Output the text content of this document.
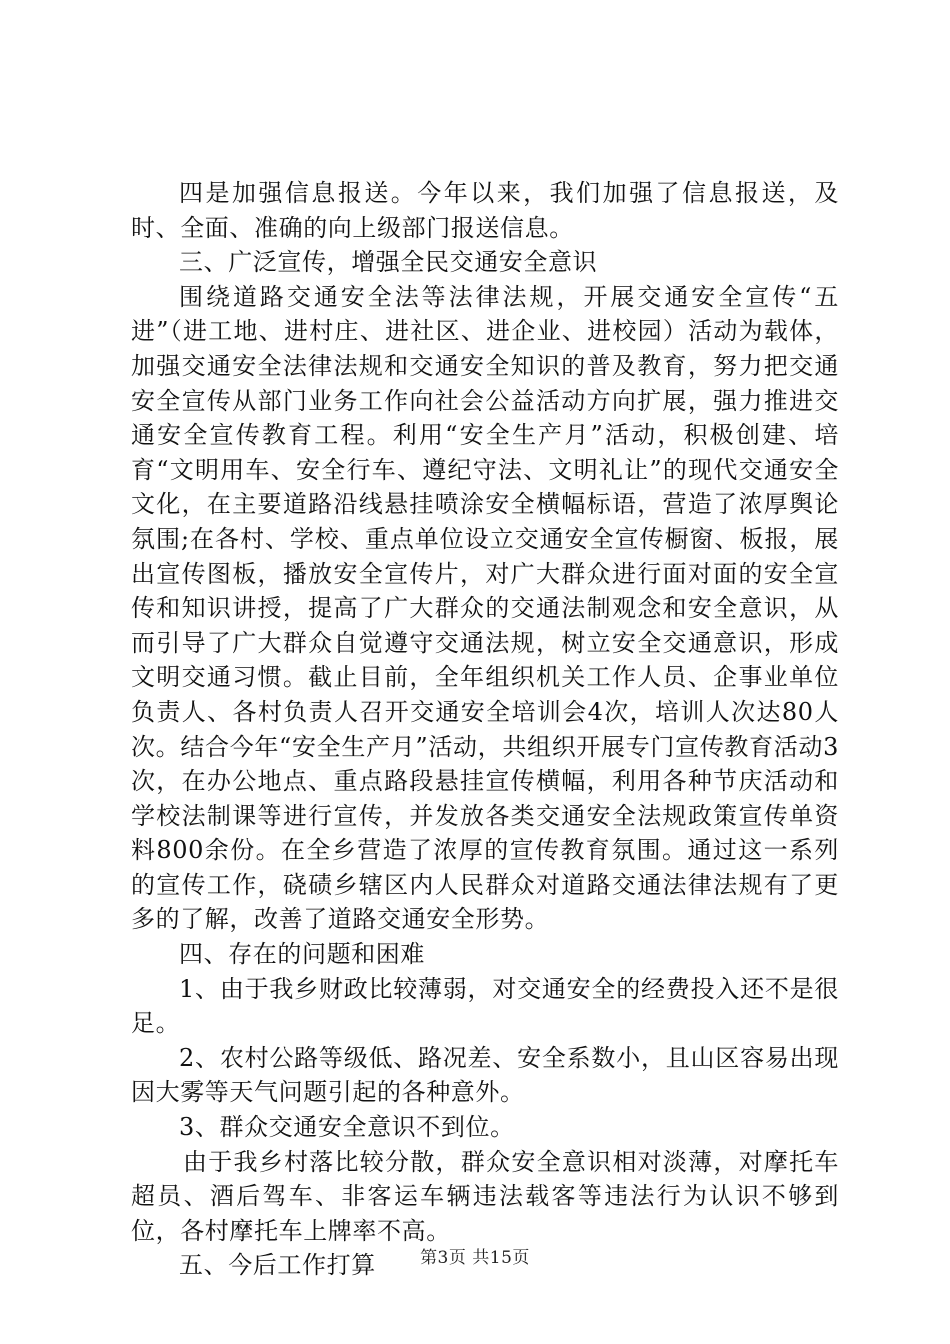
四是加强信息报送。今年以来，我们加强了信息报送，及时、全面、准确的向上级部门报送信息。

三、广泛宣传，增强全民交通安全意识

围绕道路交通安全法等法律法规，开展交通安全宣传“五进”（进工地、进村庄、进社区、进企业、进校园）活动为载体，加强交通安全法律法规和交通安全知识的普及教育，努力把交通安全宣传从部门业务工作向社会公益活动方向扩展，强力推进交通安全宣传教育工程。利用“安全生产月”活动，积极创建、培育“文明用车、安全行车、遵纪守法、文明礼让”的现代交通安全文化，在主要道路沿线悬挂喷涂安全横幅标语，营造了浓厚舆论氛围;在各村、学校、重点单位设立交通安全宣传橱窗、板报，展出宣传图板，播放安全宣传片，对广大群众进行面对面的安全宣传和知识讲授，提高了广大群众的交通法制观念和安全意识，从而引导了广大群众自觉遵守交通法规，树立安全交通意识，形成文明交通习惯。截止目前，全年组织机关工作人员、企事业单位负责人、各村负责人召开交通安全培训会4次，培训人次达80人次。结合今年“安全生产月”活动，共组织开展专门宣传教育活动3次，在办公地点、重点路段悬挂宣传横幅，利用各种节庆活动和学校法制课等进行宣传，并发放各类交通安全法规政策宣传单资料800余份。在全乡营造了浓厚的宣传教育氛围。通过这一系列的宣传工作，硗碛乡辖区内人民群众对道路交通法律法规有了更多的了解，改善了道路交通安全形势。

四、存在的问题和困难

1、由于我乡财政比较薄弱，对交通安全的经费投入还不是很足。

2、农村公路等级低、路况差、安全系数小，且山区容易出现因大雾等天气问题引起的各种意外。

3、群众交通安全意识不到位。

由于我乡村落比较分散，群众安全意识相对淡薄，对摩托车超员、酒后驾车、非客运车辆违法载客等违法行为认识不够到位，各村摩托车上牌率不高。

五、今后工作打算	第3页 共15页
